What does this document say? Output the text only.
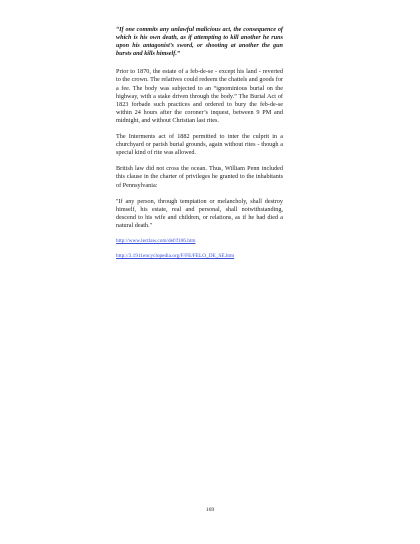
“If one commits any unlawful malicious act, the consequence of which is his own death, as if attempting to kill another he runs upon his antagonist’s sword, or shooting at another the gun bursts and kills himself.”

Prior to 1870, the estate of a feb-de-se - except his land - reverted to the crown. The relatives could redeem the chattels and goods for a fee. The body was subjected to an “ignominious burial on the highway, with a stake driven through the body.” The Burial Act of 1823 forbade such practices and ordered to bury the feb-de-se within 24 hours after the coroner’s inquest, between 9 PM and midnight, and without Christian last rites.

The Interments act of 1882 permitted to inter the culprit in a churchyard or parish burial grounds, again without rites - though a special kind of rite was allowed.

British law did not cross the ocean. Thus, William Penn included this clause in the charter of privileges he granted to the inhabitants of Pennsylvania:

"If any person, through temptation or melancholy, shall destroy himself, his estate, real and personal, shall notwithstanding, descend to his wife and children, or relations, as if he had died a natural death."

http://www.lectlaw.com/def/f106.htm
http://3.1911encyclopedia.org/F/FE/FELO_DE_SE.htm
169
